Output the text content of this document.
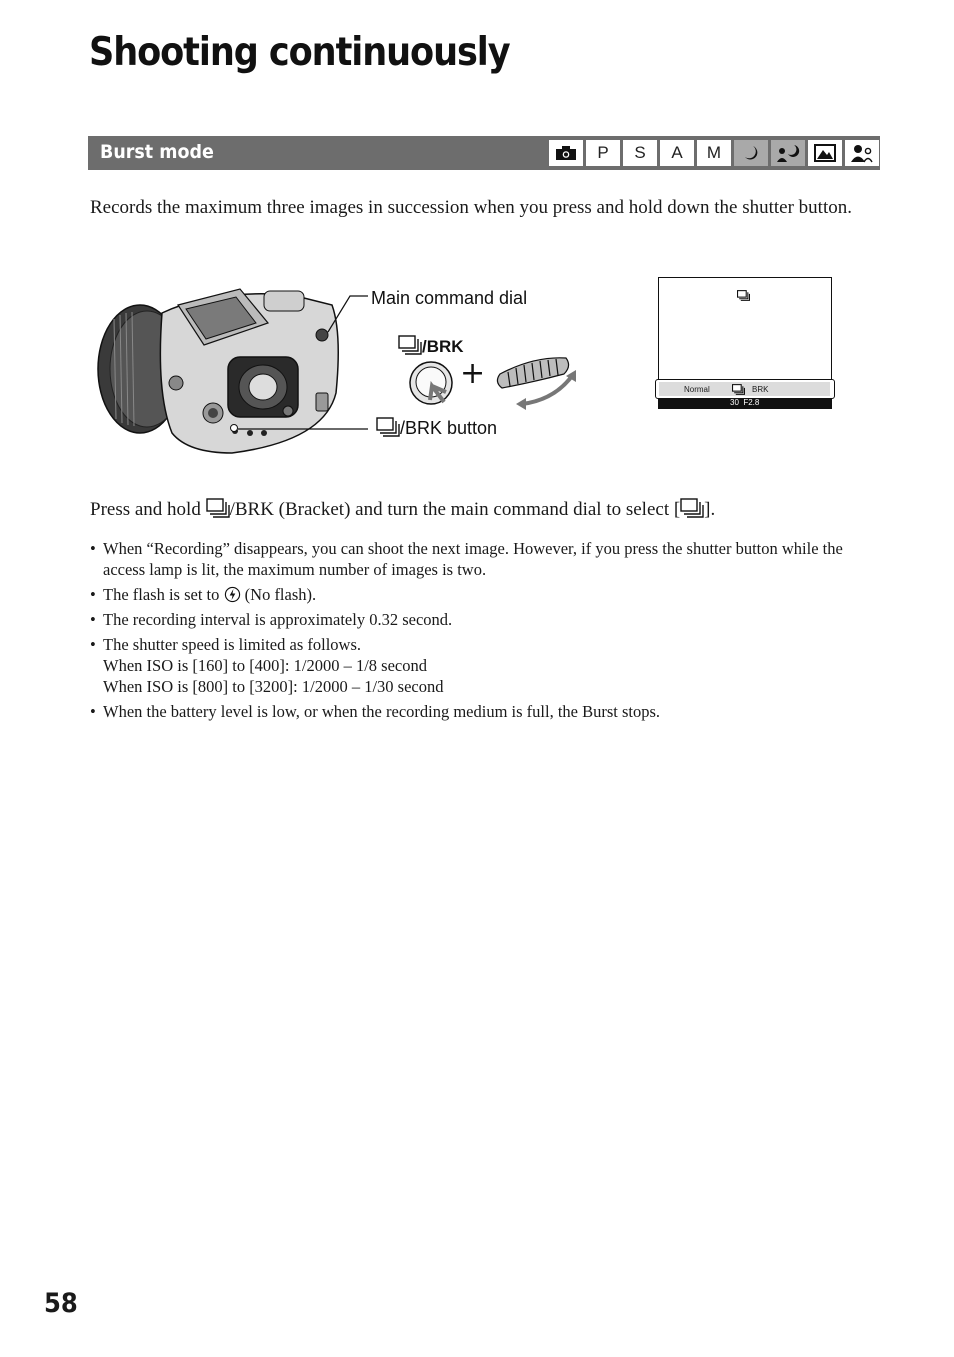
Shooting continuously
Burst mode	P	S	A	M

Records the maximum three images in succession when you press and hold down the shutter button.

Main command dial
/BRK
+
/BRK button
Normal	BRK
30  F2.8

Press and hold /BRK (Bracket) and turn the main command dial to select [ ].

• When “Recording” disappears, you can shoot the next image. However, if you press the shutter button while the access lamp is lit, the maximum number of images is two.
• The flash is set to  (No flash).
• The recording interval is approximately 0.32 second.
• The shutter speed is limited as follows.
When ISO is [160] to [400]: 1/2000 – 1/8 second
When ISO is [800] to [3200]: 1/2000 – 1/30 second
• When the battery level is low, or when the recording medium is full, the Burst stops.
58
